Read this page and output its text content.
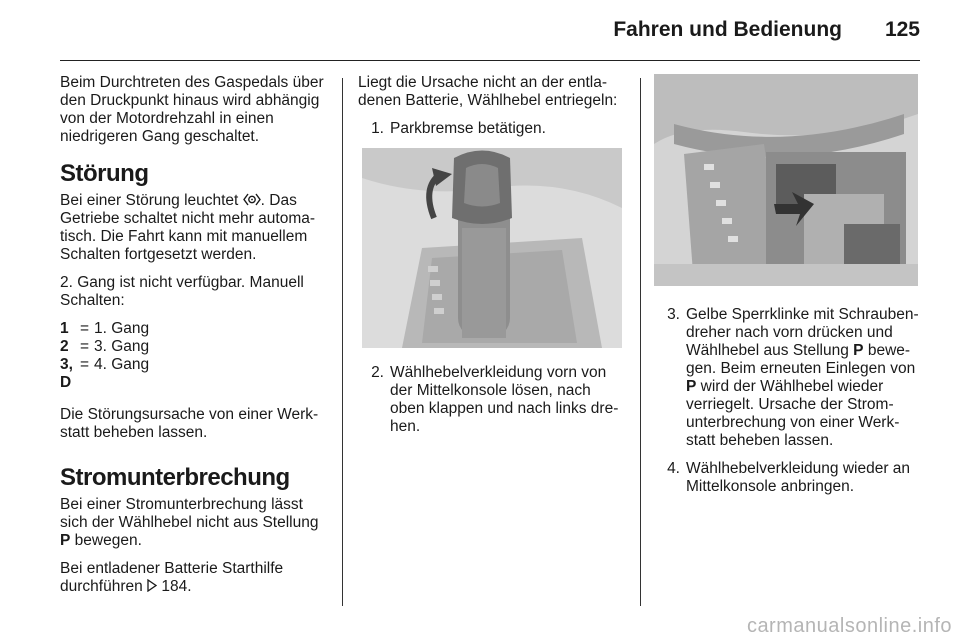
Fahren und Bedienung 125

Beim Durchtreten des Gaspedals über den Druckpunkt hinaus wird abhängig von der Motordrehzahl in einen niedrigeren Gang geschaltet.

Störung

Bei einer Störung leuchtet . Das Getriebe schaltet nicht mehr automatisch. Die Fahrt kann mit manuellem Schalten fortgesetzt werden.

2. Gang ist nicht verfügbar. Manuell Schalten:

1 = 1. Gang
2 = 3. Gang
3, D
= 4. Gang

Die Störungsursache von einer Werkstatt beheben lassen.

Stromunterbrechung

Bei einer Stromunterbrechung lässt sich der Wählhebel nicht aus Stellung P bewegen.

Bei entladener Batterie Starthilfe durchführen  184.

Liegt die Ursache nicht an der entladenen Batterie, Wählhebel entriegeln:

1. Parkbremse betätigen.
2. Wählhebelverkleidung vorn von der Mittelkonsole lösen, nach oben klappen und nach links drehen.
3. Gelbe Sperrklinke mit Schraubendreher nach vorn drücken und Wählhebel aus Stellung P bewegen. Beim erneuten Einlegen von P wird der Wählhebel wieder verriegelt. Ursache der Stromunterbrechung von einer Werkstatt beheben lassen.
4. Wählhebelverkleidung wieder an Mittelkonsole anbringen.
carmanualsonline.info
